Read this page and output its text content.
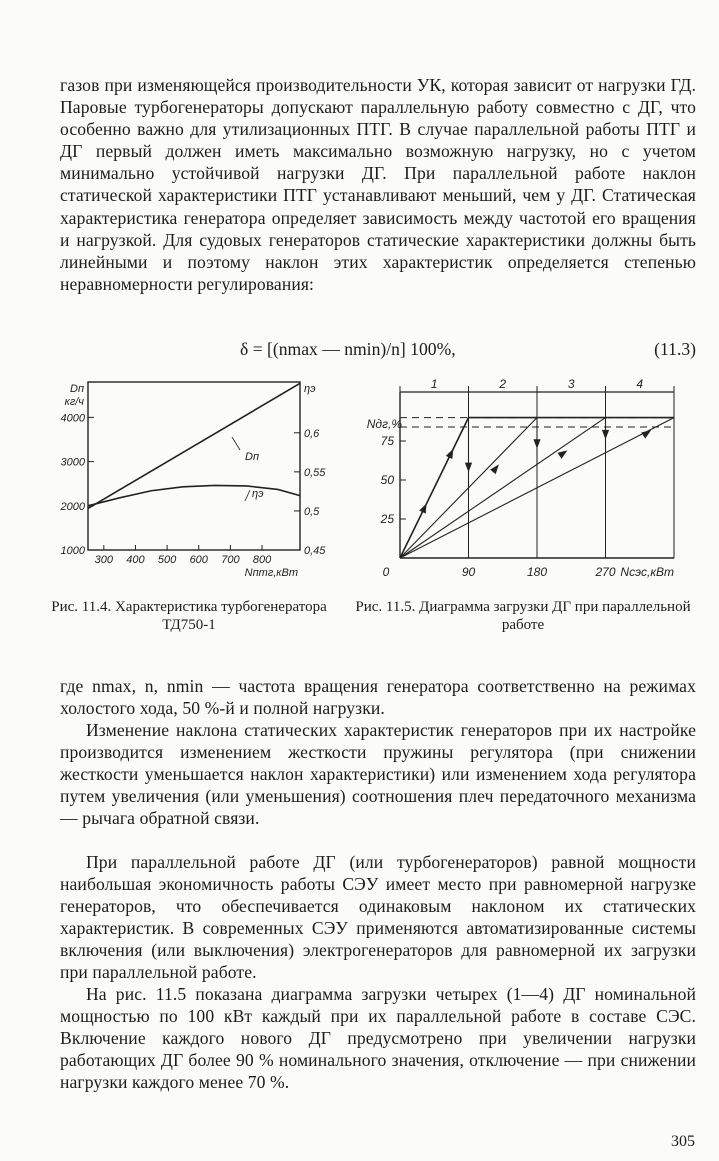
газов при изменяющейся производительности УК, которая зависит от нагрузки ГД. Паровые турбогенераторы допускают параллельную работу совместно с ДГ, что особенно важно для утилизационных ПТГ. В случае параллельной работы ПТГ и ДГ первый должен иметь максимально возможную нагрузку, но с учетом минимально устойчивой нагрузки ДГ. При параллельной работе наклон статической характеристики ПТГ устанавливают меньший, чем у ДГ. Статическая характеристика генератора определяет зависимость между частотой его вращения и нагрузкой. Для судовых генераторов статические характеристики должны быть линейными и поэтому наклон этих характеристик определяется степенью неравномерности регулирования:

δ = [(nmax — nmin)/n] 100%,	(11.3)
1000
2000
3000
4000
0,45
0,5
0,55
0,6
300 400 500 600 700 800
Nптг,кВт
Dп
кг/ч
ηэ
Dп
ηэ
Рис. 11.4. Характеристика турбогенератора ТД750-1
1	2	3	4
25
50
75
0	90	180	270 Nсэс,кВт
Nдг,%
Рис. 11.5. Диаграмма загрузки ДГ при параллельной работе

где nmax, n, nmin — частота вращения генератора соответственно на режимах холостого хода, 50 %-й и полной нагрузки.

Изменение наклона статических характеристик генераторов при их настройке производится изменением жесткости пружины регулятора (при снижении жесткости уменьшается наклон характеристики) или изменением хода регулятора путем увеличения (или уменьшения) соотношения плеч передаточного механизма — рычага обратной связи.

При параллельной работе ДГ (или турбогенераторов) равной мощности наибольшая экономичность работы СЭУ имеет место при равномерной нагрузке генераторов, что обеспечивается одинаковым наклоном их статических характеристик. В современных СЭУ применяются автоматизированные системы включения (или выключения) электрогенераторов для равномерной их загрузки при параллельной работе.

На рис. 11.5 показана диаграмма загрузки четырех (1—4) ДГ номинальной мощностью по 100 кВт каждый при их параллельной работе в составе СЭС. Включение каждого нового ДГ предусмотрено при увеличении нагрузки работающих ДГ более 90 % номинального значения, отключение — при снижении нагрузки каждого менее 70 %.

305
